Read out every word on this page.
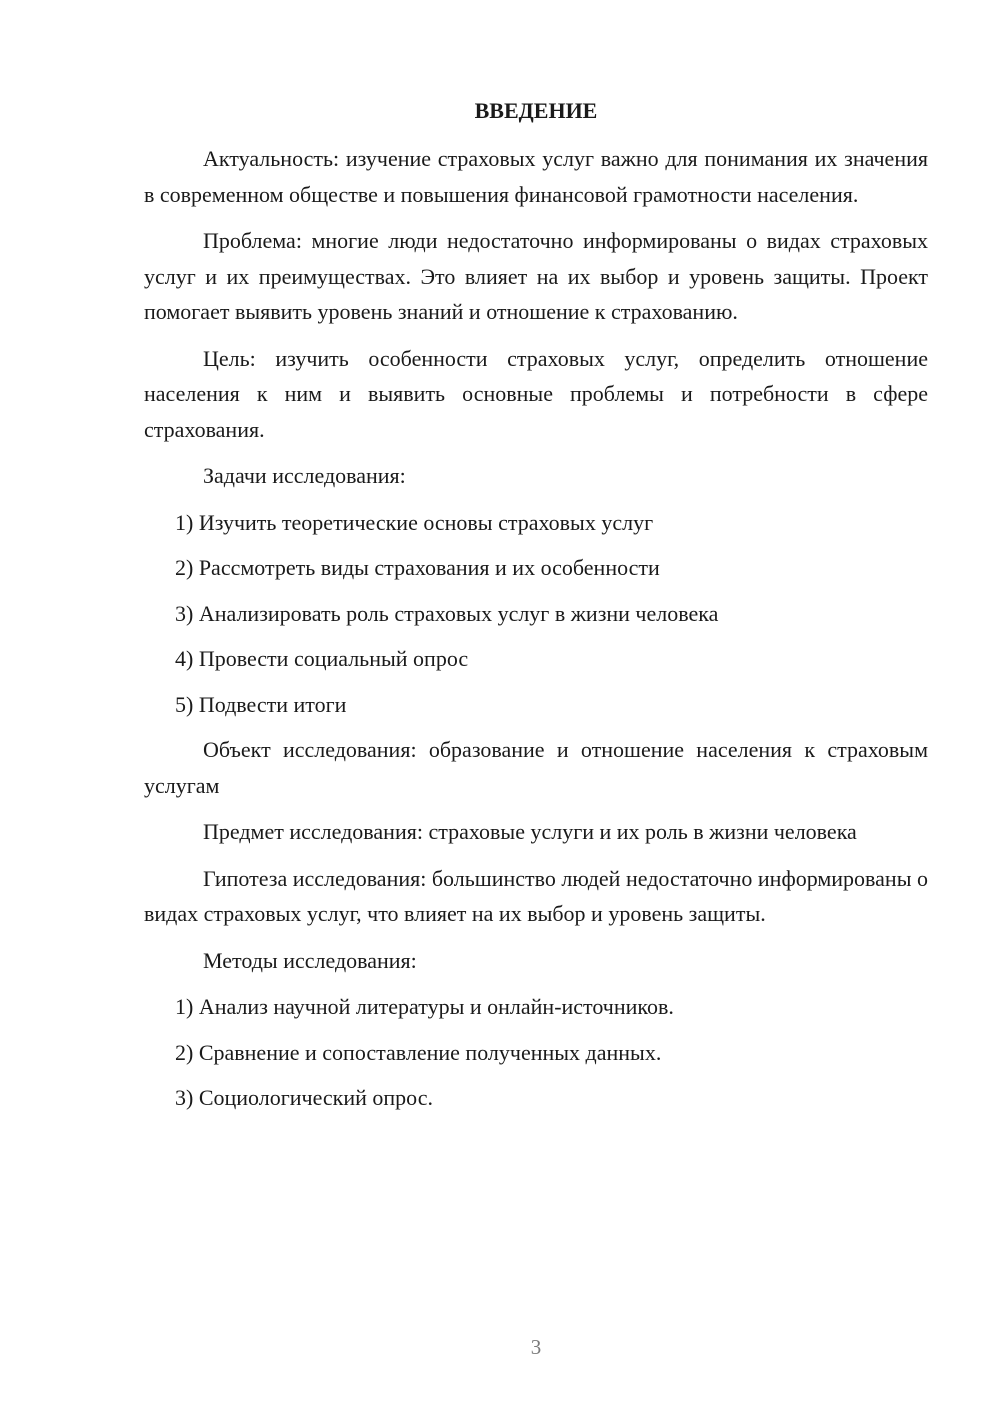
ВВЕДЕНИЕ

Актуальность: изучение страховых услуг важно для понимания их значения в современном обществе и повышения финансовой грамотности населения.

Проблема: многие люди недостаточно информированы о видах страховых услуг и их преимуществах. Это влияет на их выбор и уровень защиты. Проект помогает выявить уровень знаний и отношение к страхованию.

Цель: изучить особенности страховых услуг, определить отношение населения к ним и выявить основные проблемы и потребности в сфере страхования.

Задачи исследования:

1) Изучить теоретические основы страховых услуг

2) Рассмотреть виды страхования и их особенности

3) Анализировать роль страховых услуг в жизни человека

4) Провести социальный опрос

5) Подвести итоги

Объект исследования: образование и отношение населения к страховым услугам

Предмет исследования: страховые услуги и их роль в жизни человека

Гипотеза исследования: большинство людей недостаточно информированы о видах страховых услуг, что влияет на их выбор и уровень защиты.

Методы исследования:

1) Анализ научной литературы и онлайн-источников.

2) Сравнение и сопоставление полученных данных.

3) Социологический опрос.

3
